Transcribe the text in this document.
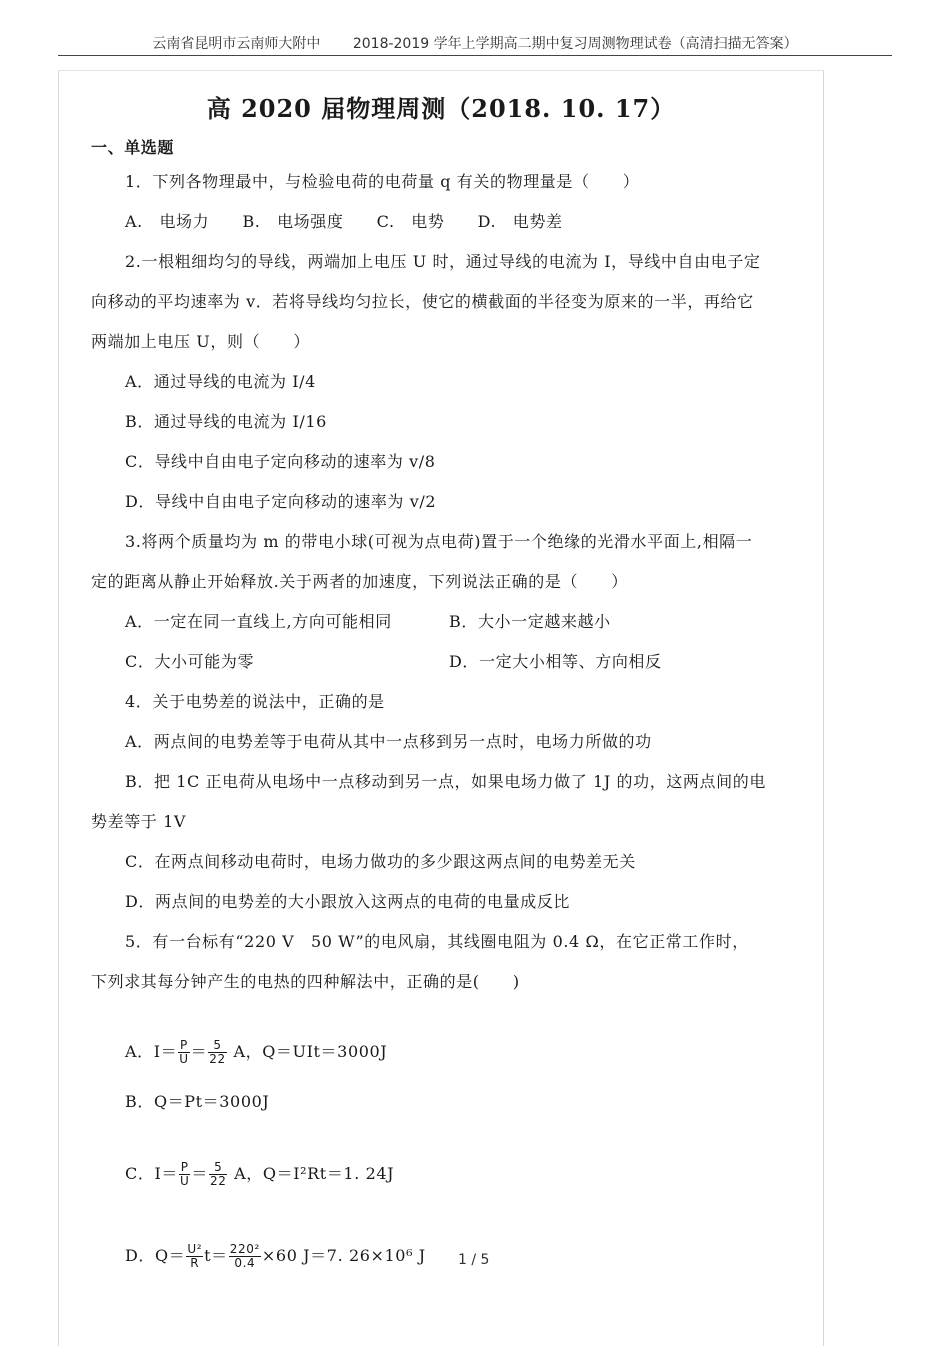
云南省昆明市云南师大附中 2018-2019 学年上学期高二期中复习周测物理试卷（高清扫描无答案）
高 2020 届物理周测（2018. 10. 17）
一、单选题
1．下列各物理最中，与检验电荷的电荷量 q 有关的物理量是（　　）
A.　电场力　　B.　电场强度　　C.　电势　　D.　电势差
2.一根粗细均匀的导线，两端加上电压 U 时，通过导线的电流为 I，导线中自由电子定
向移动的平均速率为 v．若将导线均匀拉长，使它的横截面的半径变为原来的一半，再给它
两端加上电压 U，则（　　）
A．通过导线的电流为 I/4
B．通过导线的电流为 I/16
C．导线中自由电子定向移动的速率为 v/8
D．导线中自由电子定向移动的速率为 v/2
3.将两个质量均为 m 的带电小球(可视为点电荷)置于一个绝缘的光滑水平面上,相隔一
定的距离从静止开始释放.关于两者的加速度，下列说法正确的是（　　）
A．一定在同一直线上,方向可能相同	B．大小一定越来越小
C．大小可能为零	D．一定大小相等、方向相反
4．关于电势差的说法中，正确的是
A．两点间的电势差等于电荷从其中一点移到另一点时，电场力所做的功
B．把 1C 正电荷从电场中一点移动到另一点，如果电场力做了 1J 的功，这两点间的电
势差等于 1V
C．在两点间移动电荷时，电场力做功的多少跟这两点间的电势差无关
D．两点间的电势差的大小跟放入这两点的电荷的电量成反比
5．有一台标有“220 V　50 W”的电风扇，其线圈电阻为 0.4 Ω，在它正常工作时，
下列求其每分钟产生的电热的四种解法中，正确的是(　　)
A．$I= \frac{P}{U} = \frac{5}{22}$ A，Q＝UIt＝3000J
B．Q＝Pt＝3000J
C．$I= \frac{P}{U} = \frac{5}{22}$ A，Q＝I²Rt＝1. 24J
D．$Q= \frac{\text{U²}}{R} t= \frac{\text{220²}}{0.4} \times 60$ J＝7. 26×10⁶ J 1 / 5
